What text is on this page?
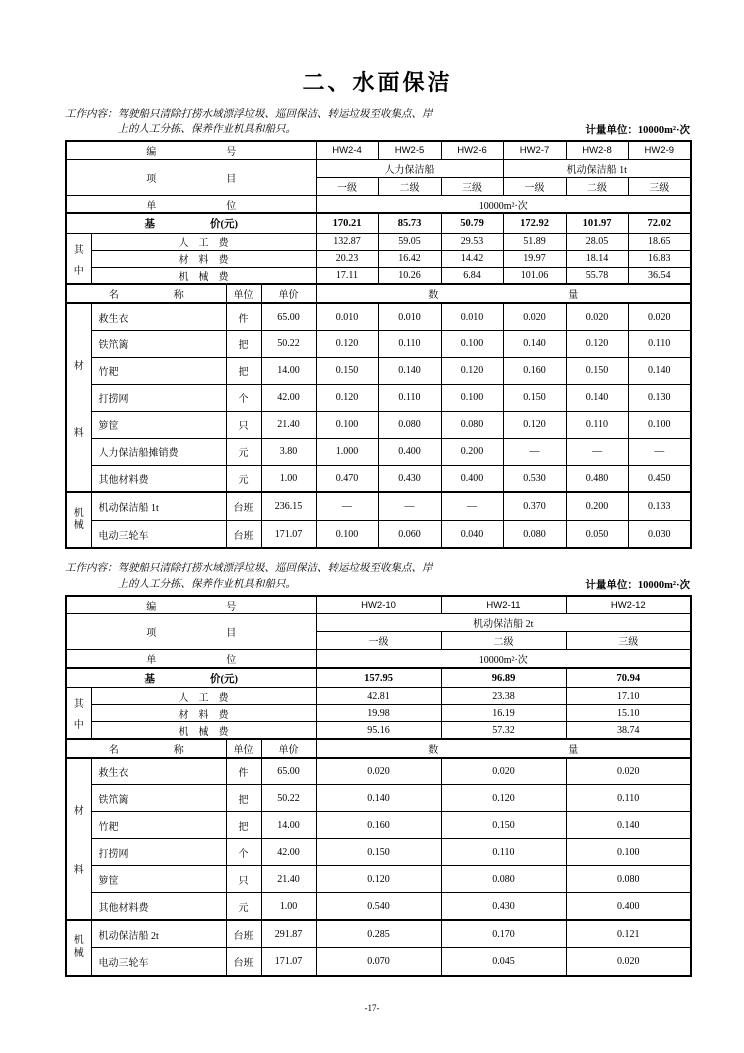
二、水面保洁
工作内容： 驾驶船只清除打捞水域漂浮垃圾、巡回保洁、转运垃圾至收集点、岸
上的人工分拣、保养作业机具和船只。	计量单位：10000m²·次
编 号				HW2-4	HW2-5	HW2-6	HW2-7	HW2-8	HW2-9

项 目				人力保洁船			机动保洁船 1t		
				一级	二级	三级	一级	二级	三级

单 位				10000m²·次					

基 价(元)				170.21	85.73	50.79	172.92	101.97	72.02

其
中	人　工　费			132.87	59.05	29.53	51.89	28.05	18.65
	材　料　费			20.23	16.42	14.42	19.97	18.14	16.83
	机　械　费			17.11	10.26	6.84	101.06	55.78	36.54

名 称		单位	单价	数 量					

材
料	救生衣	件	65.00	0.010	0.010	0.010	0.020	0.020	0.020
	铁笊篱	把	50.22	0.120	0.110	0.100	0.140	0.120	0.110
	竹耙	把	14.00	0.150	0.140	0.120	0.160	0.150	0.140
	打捞网	个	42.00	0.120	0.110	0.100	0.150	0.140	0.130
	箩筐	只	21.40	0.100	0.080	0.080	0.120	0.110	0.100
	人力保洁船摊销费	元	3.80	1.000	0.400	0.200	—	—	—
	其他材料费	元	1.00	0.470	0.430	0.400	0.530	0.480	0.450

机
械	机动保洁船 1t	台班	236.15	—	—	—	0.370	0.200	0.133
	电动三轮车	台班	171.07	0.100	0.060	0.040	0.080	0.050	0.030
工作内容： 驾驶船只清除打捞水域漂浮垃圾、巡回保洁、转运垃圾至收集点、岸
上的人工分拣、保养作业机具和船只。	计量单位：10000m²·次
编 号				HW2-10	HW2-11	HW2-12

项 目				机动保洁船 2t		
				一级	二级	三级

单 位				10000m²·次		

基 价(元)				157.95	96.89	70.94

其
中	人　工　费			42.81	23.38	17.10
	材　料　费			19.98	16.19	15.10
	机　械　费			95.16	57.32	38.74

名 称		单位	单价	数 量		

材
料	救生衣	件	65.00	0.020	0.020	0.020
	铁笊篱	把	50.22	0.140	0.120	0.110
	竹耙	把	14.00	0.160	0.150	0.140
	打捞网	个	42.00	0.150	0.110	0.100
	箩筐	只	21.40	0.120	0.080	0.080
	其他材料费	元	1.00	0.540	0.430	0.400

机
械	机动保洁船 2t	台班	291.87	0.285	0.170	0.121
	电动三轮车	台班	171.07	0.070	0.045	0.020
-17-
